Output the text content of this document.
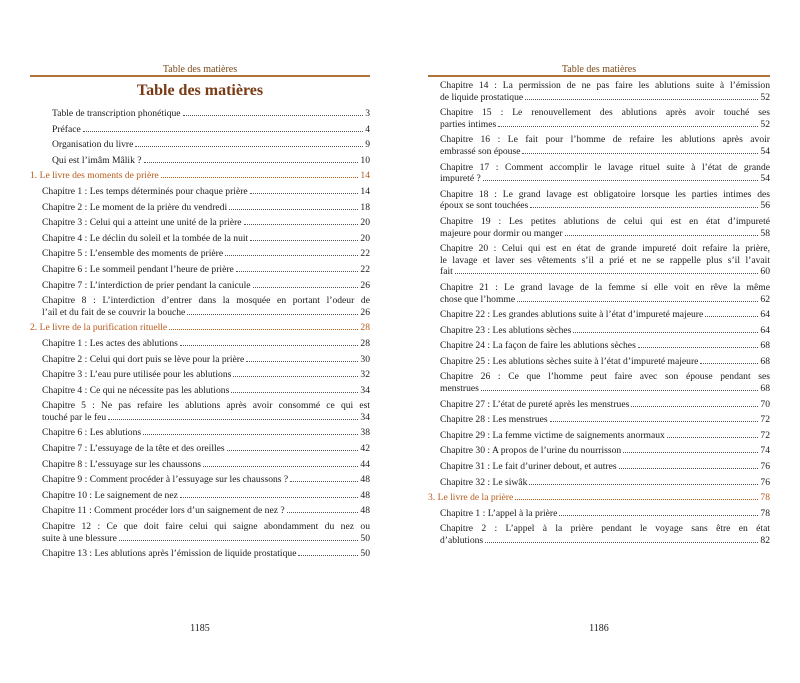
Table des matières
Table des matières
Table de transcription phonétique	3
Préface	4
Organisation du livre	9
Qui est l’imâm Mâlik ?	10
1. Le livre des moments de prière	14
Chapitre 1 : Les temps déterminés pour chaque prière	14
Chapitre 2 : Le moment de la prière du vendredi	18
Chapitre 3 : Celui qui a atteint une unité de la prière	20
Chapitre 4 : Le déclin du soleil et la tombée de la nuit	20
Chapitre 5 : L’ensemble des moments de prière	22
Chapitre 6 : Le sommeil pendant l’heure de prière	22
Chapitre 7 : L’interdiction de prier pendant la canicule	26
Chapitre 8 : L’interdiction d’entrer dans la mosquée en portant l’odeur de
l’ail et du fait de se couvrir la bouche	26
2. Le livre de la purification rituelle	28
Chapitre 1 : Les actes des ablutions	28
Chapitre 2 : Celui qui dort puis se lève pour la prière	30
Chapitre 3 : L’eau pure utilisée pour les ablutions	32
Chapitre 4 : Ce qui ne nécessite pas les ablutions	34
Chapitre 5 : Ne pas refaire les ablutions après avoir consommé ce qui est
touché par le feu	34
Chapitre 6 : Les ablutions	38
Chapitre 7 : L’essuyage de la tête et des oreilles	42
Chapitre 8 : L’essuyage sur les chaussons	44
Chapitre 9 : Comment procéder à l’essuyage sur les chaussons ?	48
Chapitre 10 : Le saignement de nez	48
Chapitre 11 : Comment procéder lors d’un saignement de nez ?	48
Chapitre 12 : Ce que doit faire celui qui saigne abondamment du nez ou
suite à une blessure	50
Chapitre 13 : Les ablutions après l’émission de liquide prostatique	50
1185
Table des matières
Chapitre 14 : La permission de ne pas faire les ablutions suite à l’émission
de liquide prostatique	52
Chapitre 15 : Le renouvellement des ablutions après avoir touché ses
parties intimes	52
Chapitre 16 : Le fait pour l’homme de refaire les ablutions après avoir
embrassé son épouse	54
Chapitre 17 : Comment accomplir le lavage rituel suite à l’état de grande
impureté ?	54
Chapitre 18 : Le grand lavage est obligatoire lorsque les parties intimes des
époux se sont touchées	56
Chapitre 19 : Les petites ablutions de celui qui est en état d’impureté
majeure pour dormir ou manger	58
Chapitre 20 : Celui qui est en état de grande impureté doit refaire la prière,
le lavage et laver ses vêtements s’il a prié et ne se rappelle plus s’il l’avait
fait	60
Chapitre 21 : Le grand lavage de la femme si elle voit en rêve la même
chose que l’homme	62
Chapitre 22 : Les grandes ablutions suite à l’état d’impureté majeure	64
Chapitre 23 : Les ablutions sèches	64
Chapitre 24 : La façon de faire les ablutions sèches	68
Chapitre 25 : Les ablutions sèches suite à l’état d’impureté majeure	68
Chapitre 26 : Ce que l’homme peut faire avec son épouse pendant ses
menstrues	68
Chapitre 27 : L’état de pureté après les menstrues	70
Chapitre 28 : Les menstrues	72
Chapitre 29 : La femme victime de saignements anormaux	72
Chapitre 30 : A propos de l’urine du nourrisson	74
Chapitre 31 : Le fait d’uriner debout, et autres	76
Chapitre 32 : Le siwâk	76
3. Le livre de la prière	78
Chapitre 1 : L’appel à la prière	78
Chapitre 2 : L’appel à la prière pendant le voyage sans être en état
d’ablutions	82
1186
